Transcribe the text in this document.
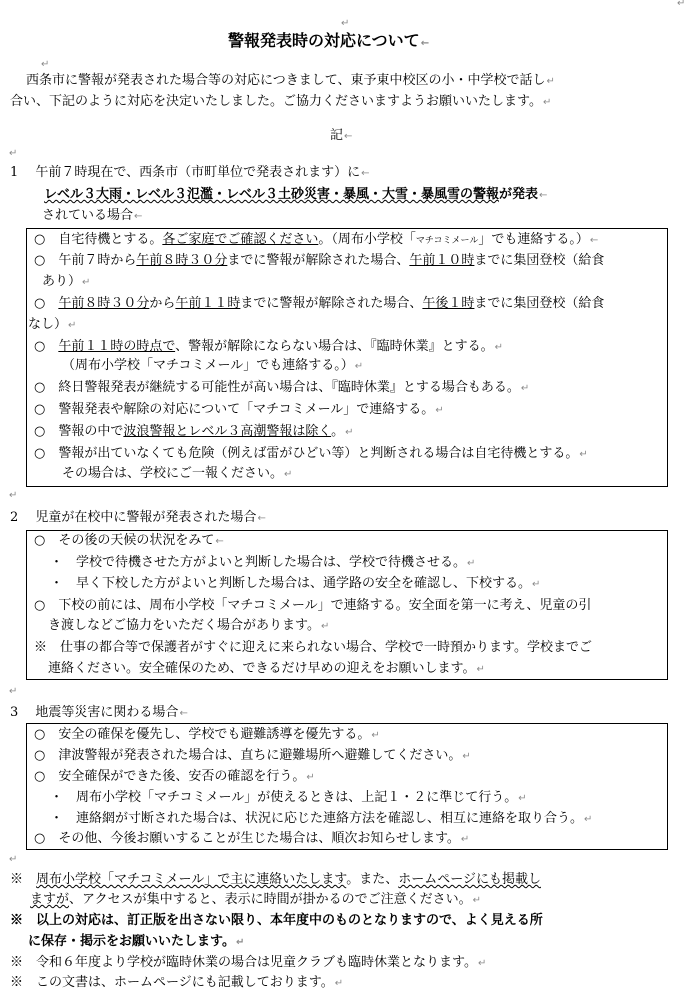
↵
↵
警報発表時の対応について←
↵
西条市に警報が発表された場合等の対応につきまして、東予東中校区の小・中学校で話し↵
合い、下記のように対応を決定いたしました。ご協力くださいますようお願いいたします。↵
記←
↵
1　 午前７時現在で、西条市（市町単位で発表されます）に←
レベル３大雨・レベル３氾濫・レベル３土砂災害・暴風・大雪・暴風雪の警報が発表←
されている場合←
○　自宅待機とする。各ご家庭でご確認ください。（周布小学校「マチコミメール」でも連絡する。）←
○　午前７時から午前８時３０分までに警報が解除された場合、午前１０時までに集団登校（給食
あり）↵
○　午前８時３０分から午前１１時までに警報が解除された場合、午後１時までに集団登校（給食
なし）↵
○　午前１１時の時点で、警報が解除にならない場合は、『臨時休業』とする。↵
（周布小学校「マチコミメール」でも連絡する。）↵
○　終日警報発表が継続する可能性が高い場合は、『臨時休業』とする場合もある。↵
○　警報発表や解除の対応について「マチコミメール」で連絡する。↵
○　警報の中で波浪警報とレベル３高潮警報は除く。↵
○　警報が出ていなくても危険（例えば雷がひどい等）と判断される場合は自宅待機とする。↵
その場合は、学校にご一報ください。↵
↵
2　 児童が在校中に警報が発表された場合←
○　その後の天候の状況をみて←
・　学校で待機させた方がよいと判断した場合は、学校で待機させる。↵
・　早く下校した方がよいと判断した場合は、通学路の安全を確認し、下校する。↵
○　下校の前には、周布小学校「マチコミメール」で連絡する。安全面を第一に考え、児童の引
き渡しなどご協力をいただく場合があります。↵
※　仕事の都合等で保護者がすぐに迎えに来られない場合、学校で一時預かります。学校までご
連絡ください。安全確保のため、できるだけ早めの迎えをお願いします。↵
↵
3　 地震等災害に関わる場合←
○　安全の確保を優先し、学校でも避難誘導を優先する。↵
○　津波警報が発表された場合は、直ちに避難場所へ避難してください。↵
○　安全確保ができた後、安否の確認を行う。↵
・　周布小学校「マチコミメール」が使えるときは、上記１・２に準じて行う。↵
・　連絡網が寸断された場合は、状況に応じた連絡方法を確認し、相互に連絡を取り合う。↵
○　その他、今後お願いすることが生じた場合は、順次お知らせします。↵
↵
※　周布小学校「マチコミメール」で主に連絡いたします。また、ホームページにも掲載し
ますが、アクセスが集中すると、表示に時間が掛かるのでご注意ください。↵
※　以上の対応は、訂正版を出さない限り、本年度中のものとなりますので、よく見える所
に保存・掲示をお願いいたします。↵
※　令和６年度より学校が臨時休業の場合は児童クラブも臨時休業となります。↵
※　この文書は、ホームページにも記載しております。↵
